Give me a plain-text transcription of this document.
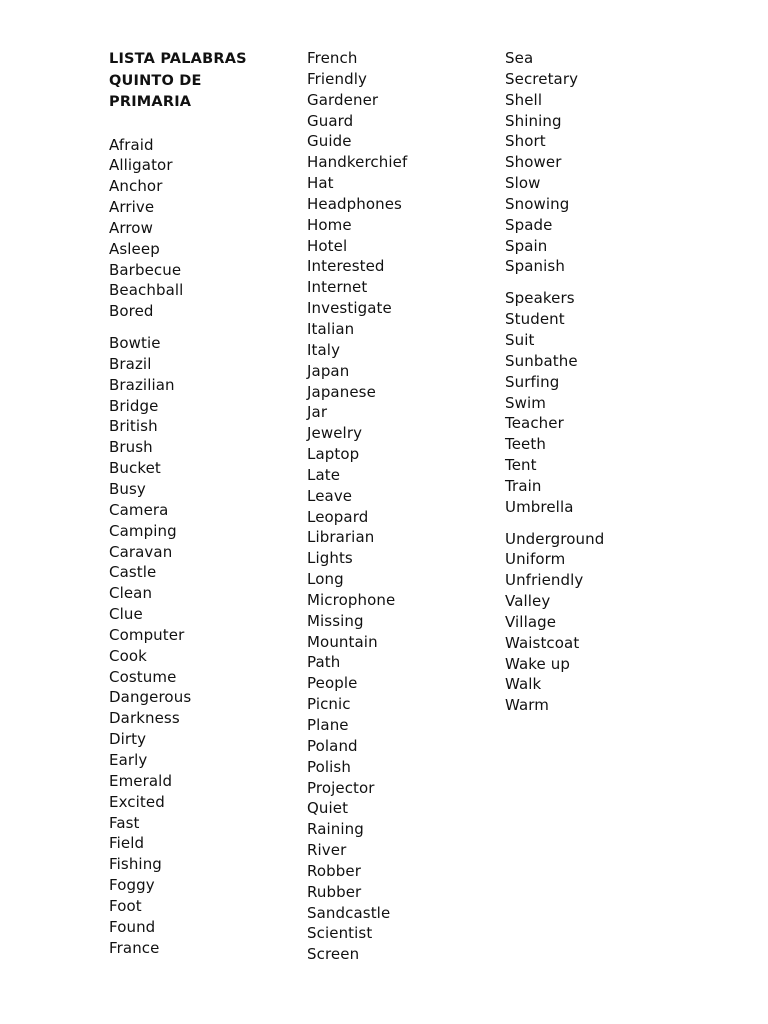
LISTA PALABRAS
QUINTO DE
PRIMARIA
Afraid
Alligator
Anchor
Arrive
Arrow
Asleep
Barbecue
Beachball
Bored
Bowtie
Brazil
Brazilian
Bridge
British
Brush
Bucket
Busy
Camera
Camping
Caravan
Castle
Clean
Clue
Computer
Cook
Costume
Dangerous
Darkness
Dirty
Early
Emerald
Excited
Fast
Field
Fishing
Foggy
Foot
Found
France
French
Friendly
Gardener
Guard
Guide
Handkerchief
Hat
Headphones
Home
Hotel
Interested
Internet
Investigate
Italian
Italy
Japan
Japanese
Jar
Jewelry
Laptop
Late
Leave
Leopard
Librarian
Lights
Long
Microphone
Missing
Mountain
Path
People
Picnic
Plane
Poland
Polish
Projector
Quiet
Raining
River
Robber
Rubber
Sandcastle
Scientist
Screen
Sea
Secretary
Shell
Shining
Short
Shower
Slow
Snowing
Spade
Spain
Spanish
Speakers
Student
Suit
Sunbathe
Surfing
Swim
Teacher
Teeth
Tent
Train
Umbrella
Underground
Uniform
Unfriendly
Valley
Village
Waistcoat
Wake up
Walk
Warm
